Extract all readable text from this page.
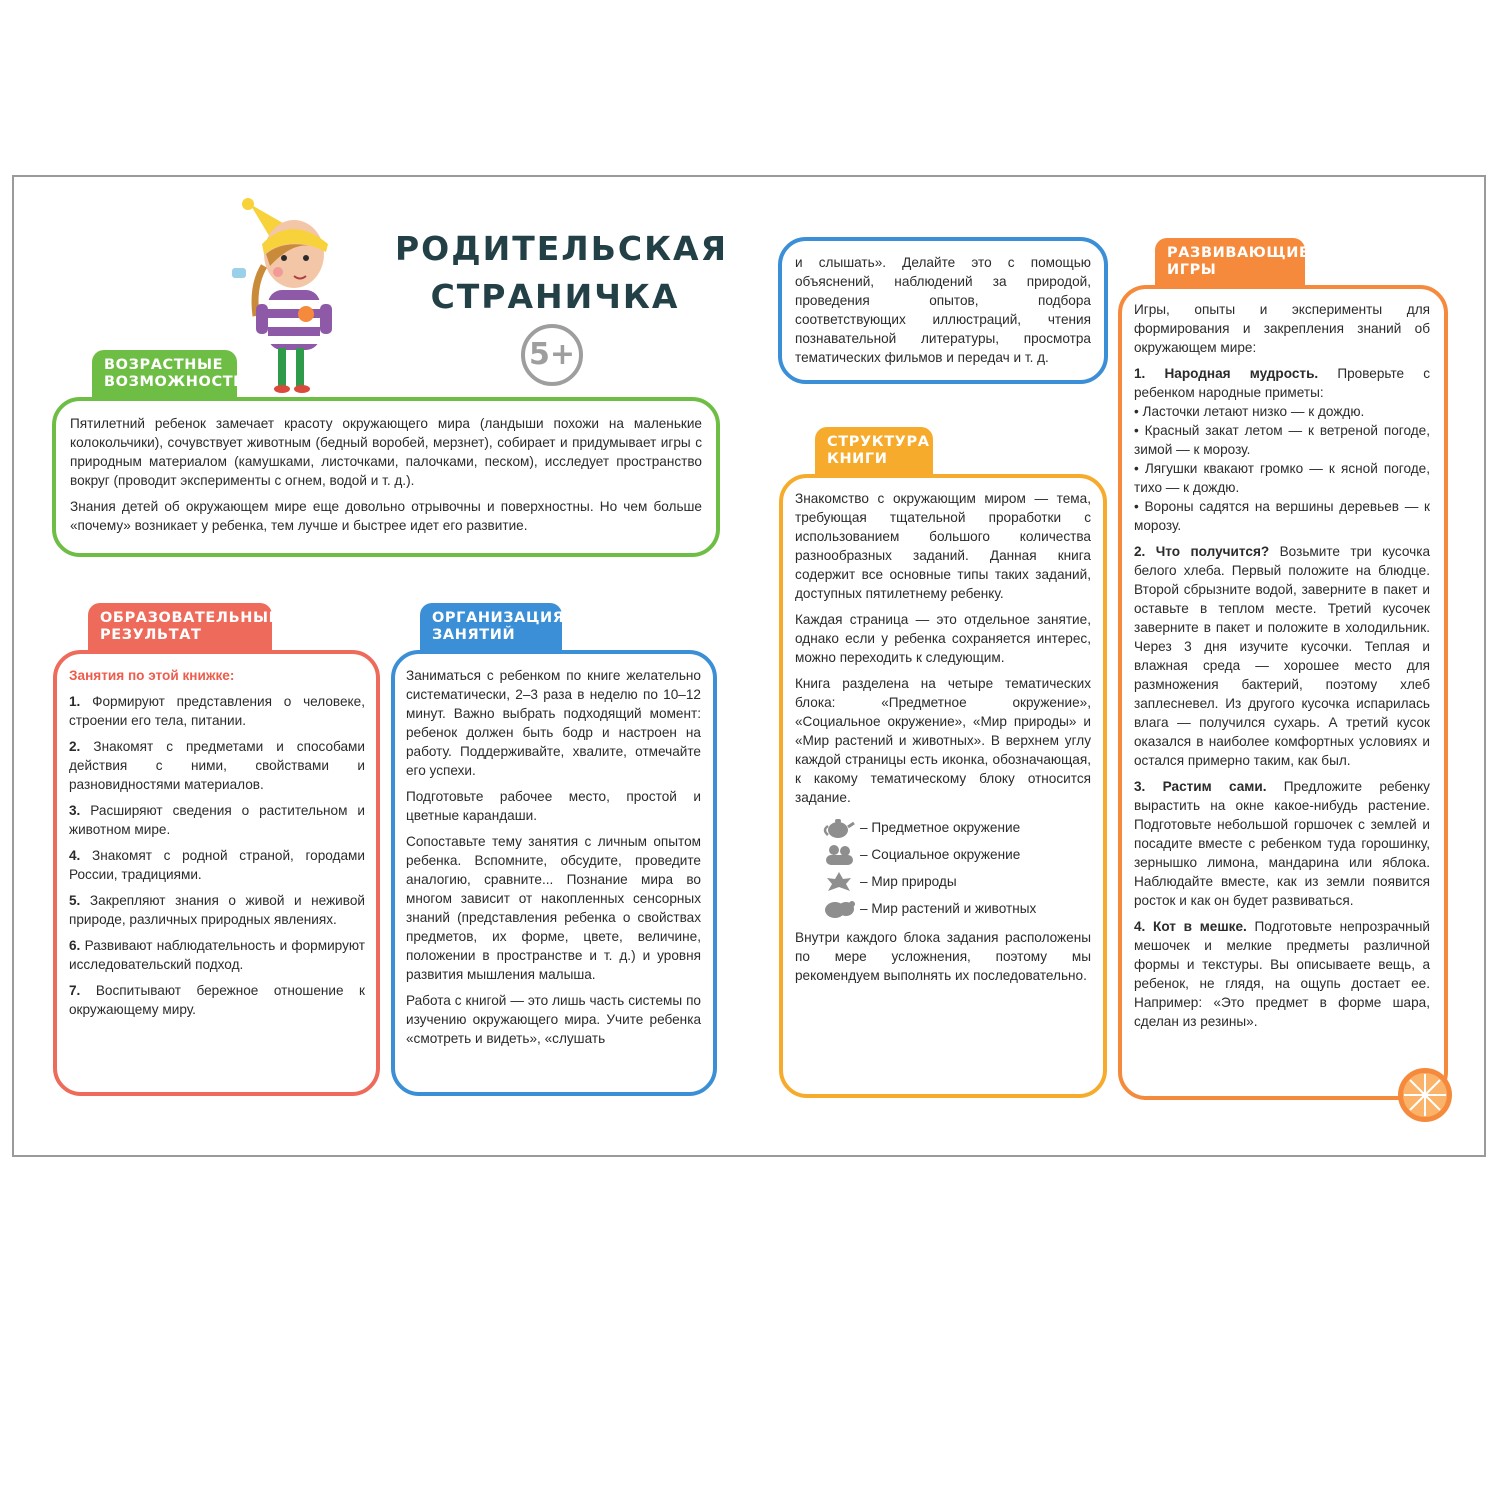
РОДИТЕЛЬСКАЯ
СТРАНИЧКА
5+
ВОЗРАСТНЫЕ
ВОЗМОЖНОСТИ

Пятилетний ребенок замечает красоту окружающего мира (ландыши похожи на маленькие колокольчики), сочувствует животным (бедный воробей, мерзнет), собирает и придумывает игры с природным материалом (камушками, листочками, палочками, песком), исследует пространство вокруг (проводит эксперименты с огнем, водой и т. д.).

Знания детей об окружающем мире еще довольно отрывочны и поверхностны. Но чем больше «почему» возникает у ребенка, тем лучше и быстрее идет его развитие.

ОБРАЗОВАТЕЛЬНЫЙ
РЕЗУЛЬТАТ

Занятия по этой книжке:

1. Формируют представления о человеке, строении его тела, питании.

2. Знакомят с предметами и способами действия с ними, свойствами и разновидностями материалов.

3. Расширяют сведения о растительном и животном мире.

4. Знакомят с родной страной, городами России, традициями.

5. Закрепляют знания о живой и неживой природе, различных природных явлениях.

6. Развивают наблюдательность и формируют исследовательский подход.

7. Воспитывают бережное отношение к окружающему миру.

ОРГАНИЗАЦИЯ
ЗАНЯТИЙ

Заниматься с ребенком по книге желательно систематически, 2–3 раза в неделю по 10–12 минут. Важно выбрать подходящий момент: ребенок должен быть бодр и настроен на работу. Поддерживайте, хвалите, отмечайте его успехи.

Подготовьте рабочее место, простой и цветные карандаши.

Сопоставьте тему занятия с личным опытом ребенка. Вспомните, обсудите, проведите аналогию, сравните... Познание мира во многом зависит от накопленных сенсорных знаний (представления ребенка о свойствах предметов, их форме, цвете, величине, положении в пространстве и т. д.) и уровня развития мышления малыша.

Работа с книгой — это лишь часть системы по изучению окружающего мира. Учите ребенка «смотреть и видеть», «слушать

и слышать». Делайте это с помощью объяснений, наблюдений за природой, проведения опытов, подбора соответствующих иллюстраций, чтения познавательной литературы, просмотра тематических фильмов и передач и т. д.

СТРУКТУРА
КНИГИ

Знакомство с окружающим миром — тема, требующая тщательной проработки с использованием большого количества разнообразных заданий. Данная книга содержит все основные типы таких заданий, доступных пятилетнему ребенку.

Каждая страница — это отдельное занятие, однако если у ребенка сохраняется интерес, можно переходить к следующим.

Книга разделена на четыре тематических блока: «Предметное окружение», «Социальное окружение», «Мир природы» и «Мир растений и животных». В верхнем углу каждой страницы есть иконка, обозначающая, к какому тематическому блоку относится задание.

– Предметное окружение
– Социальное окружение
– Мир природы
– Мир растений и животных

Внутри каждого блока задания расположены по мере усложнения, поэтому мы рекомендуем выполнять их последовательно.

РАЗВИВАЮЩИЕ
ИГРЫ

Игры, опыты и эксперименты для формирования и закрепления знаний об окружающем мире:

1. Народная мудрость. Проверьте с ребенком народные приметы:

• Ласточки летают низко — к дождю.
• Красный закат летом — к ветреной погоде, зимой — к морозу.
• Лягушки квакают громко — к ясной погоде, тихо — к дождю.
• Вороны садятся на вершины деревьев — к морозу.

2. Что получится? Возьмите три кусочка белого хлеба. Первый положите на блюдце. Второй сбрызните водой, заверните в пакет и оставьте в теплом месте. Третий кусочек заверните в пакет и положите в холодильник. Через 3 дня изучите кусочки. Теплая и влажная среда — хорошее место для размножения бактерий, поэтому хлеб заплесневел. Из другого кусочка испарилась влага — получился сухарь. А третий кусок оказался в наиболее комфортных условиях и остался примерно таким, как был.

3. Растим сами. Предложите ребенку вырастить на окне какое-нибудь растение. Подготовьте небольшой горшочек с землей и посадите вместе с ребенком туда горошинку, зернышко лимона, мандарина или яблока. Наблюдайте вместе, как из земли появится росток и как он будет развиваться.

4. Кот в мешке. Подготовьте непрозрачный мешочек и мелкие предметы различной формы и текстуры. Вы описываете вещь, а ребенок, не глядя, на ощупь достает ее. Например: «Это предмет в форме шара, сделан из резины».
